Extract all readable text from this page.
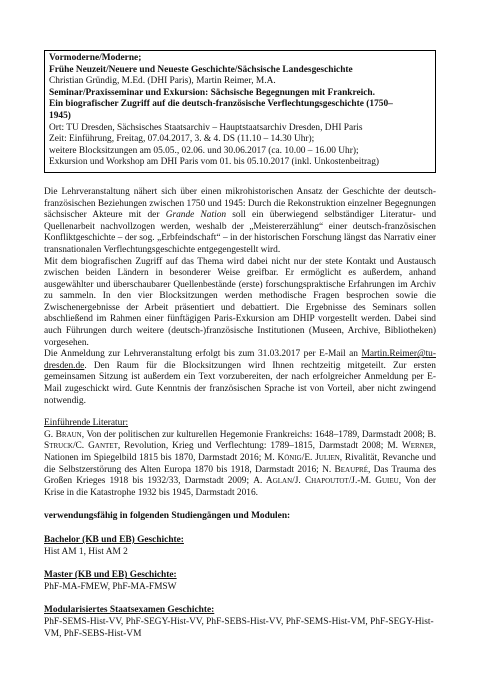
Vormoderne/Moderne;
Frühe Neuzeit/Neuere und Neueste Geschichte/Sächsische Landesgeschichte
Christian Gründig, M.Ed. (DHI Paris), Martin Reimer, M.A.
Seminar/Praxisseminar und Exkursion: Sächsische Begegnungen mit Frankreich.
Ein biografischer Zugriff auf die deutsch-französische Verflechtungsgeschichte (1750–
1945)
Ort: TU Dresden, Sächsisches Staatsarchiv – Hauptstaatsarchiv Dresden, DHI Paris
Zeit: Einführung, Freitag, 07.04.2017, 3. & 4. DS (11.10 – 14.30 Uhr);
weitere Blocksitzungen am 05.05., 02.06. und 30.06.2017 (ca. 10.00 – 16.00 Uhr);
Exkursion und Workshop am DHI Paris vom 01. bis 05.10.2017 (inkl. Unkostenbeitrag)

Die Lehrveranstaltung nähert sich über einen mikrohistorischen Ansatz der Geschichte der deutsch-französischen Beziehungen zwischen 1750 und 1945: Durch die Rekonstruktion einzelner Begegnungen sächsischer Akteure mit der Grande Nation soll ein überwiegend selbständiger Literatur- und Quellenarbeit nachvollzogen werden, weshalb der „Meistererzählung“ einer deutsch-französischen Konfliktgeschichte – der sog. „Erbfeindschaft“ – in der historischen Forschung längst das Narrativ einer transnationalen Verflechtungsgeschichte entgegengestellt wird.

Mit dem biografischen Zugriff auf das Thema wird dabei nicht nur der stete Kontakt und Austausch zwischen beiden Ländern in besonderer Weise greifbar. Er ermöglicht es außerdem, anhand ausgewählter und überschaubarer Quellenbestände (erste) forschungspraktische Erfahrungen im Archiv zu sammeln. In den vier Blocksitzungen werden methodische Fragen besprochen sowie die Zwischenergebnisse der Arbeit präsentiert und debattiert. Die Ergebnisse des Seminars sollen abschließend im Rahmen einer fünftägigen Paris-Exkursion am DHIP vorgestellt werden. Dabei sind auch Führungen durch weitere (deutsch-)französische Institutionen (Museen, Archive, Bibliotheken) vorgesehen.

Die Anmeldung zur Lehrveranstaltung erfolgt bis zum 31.03.2017 per E-Mail an Martin.Reimer@tu-dresden.de. Den Raum für die Blocksitzungen wird Ihnen rechtzeitig mitgeteilt. Zur ersten gemeinsamen Sitzung ist außerdem ein Text vorzubereiten, der nach erfolgreicher Anmeldung per E-Mail zugeschickt wird. Gute Kenntnis der französischen Sprache ist von Vorteil, aber nicht zwingend notwendig.

Einführende Literatur:

G. Braun, Von der politischen zur kulturellen Hegemonie Frankreichs: 1648–1789, Darmstadt 2008; B. Struck/C. Gantet, Revolution, Krieg und Verflechtung: 1789–1815, Darmstadt 2008; M. Werner, Nationen im Spiegelbild 1815 bis 1870, Darmstadt 2016; M. König/E. Julien, Rivalität, Revanche und die Selbstzerstörung des Alten Europa 1870 bis 1918, Darmstadt 2016; N. Beaupré, Das Trauma des Großen Krieges 1918 bis 1932/33, Darmstadt 2009; A. Aglan/J. Chapoutot/J.-M. Guieu, Von der Krise in die Katastrophe 1932 bis 1945, Darmstadt 2016.

verwendungsfähig in folgenden Studiengängen und Modulen:
Bachelor (KB und EB) Geschichte:
Hist AM 1, Hist AM 2
Master (KB und EB) Geschichte:
PhF-MA-FMEW, PhF-MA-FMSW
Modularisiertes Staatsexamen Geschichte:
PhF-SEMS-Hist-VV, PhF-SEGY-Hist-VV, PhF-SEBS-Hist-VV, PhF-SEMS-Hist-VM, PhF-SEGY-Hist-VM, PhF-SEBS-Hist-VM
